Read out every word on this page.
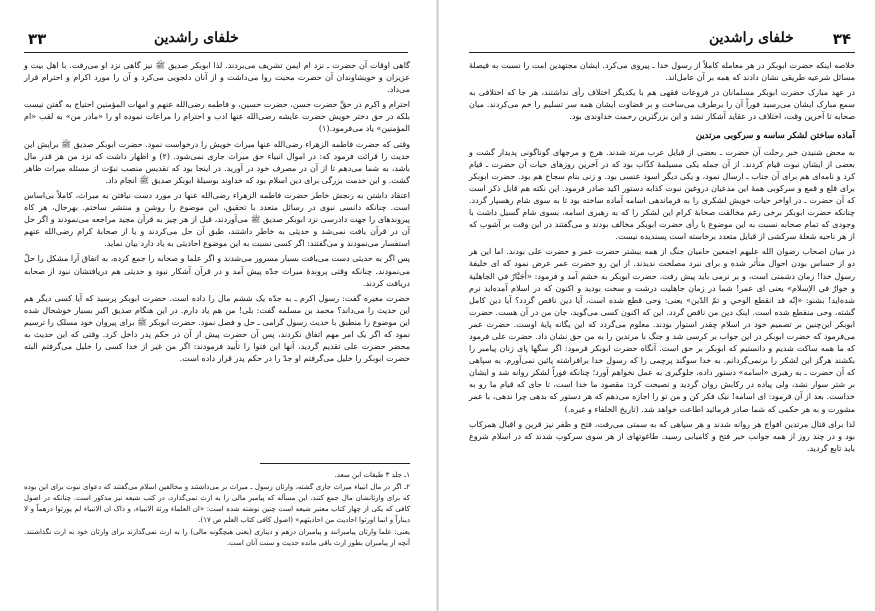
خلفای راشدین
۳۳

گاهی اوقات آن حضرت ـ نزد ام ایمن تشریف می‌بردند. لذا ابوبکر صدیق ﷺ نیز گاهی نزد او می‌رفت. با اهل بیت و عزیزان و خویشاوندان آن حضرت محبت روا می‌داشت و از آنان دلجویی می‌کرد و آن را مورد اکرام و احترام قرار می‌داد.

احترام و اکرم در حقِّ حضرت حسن، حضرت حسین، و فاطمه رضی‌الله عنهم و امهات المؤمنین احتیاج به گفتن نیست بلکه در حق دختر خویش حضرت عایشه رضی‌الله عنها ادب و احترام را مراعات نموده او را «مادر من» به لقب «ام المؤمنین» یاد می‌فرمود.(۱)

وقتی که حضرت فاطمه الزهراء رضی‌الله عنها میراث خویش را درخواست نمود. حضرت ابوبکر صدیق ﷺ برایش این حدیث را قرائت فرمود که: در اموال انبیاء حق میراث جاری نمی‌شود. (۲) و اظهار داشت که نزد من هر قدر مال باشد، به شما می‌دهم تا از آن در مصرف خود در آورید. در اینجا بود که تقدیس منصب نبوّت از مسئله میراث ظاهر گشت. و این خدمت بزرگی برای دین اسلام بود که خداوند بوسیلهٔ ابوبکر صدیق ﷺ انجام داد.

اعتقاد داشتن به رنجش خاطر حضرت فاطمه الزهراء رضی‌الله عنها در مورد دست نیافتن به میراث، کاملاً بی‌اساس است. چنانکه دانسی نبوی در رسائل متعدد با تحقیق، این موضوع را روشن و منتشر ساختم. بهرحال، هر کاه پیروندهای را جهت دادرسی نزد ابوبکر صدیق ﷺ می‌آوردند، قبل از هر چیز به قرآن مجید مراجعه می‌نمودند و اگر حل آن در قرآن یافت نمی‌شد و حدیثی به خاطر داشتند، طبق آن حل می‌کردند و یا از صحابهٔ کرام رضی‌الله عنهم استفسار می‌نمودند و می‌گفتند: اگر کسی نسبت به این موضوع احادیثی به یاد دارد بیان نماید.

پس اگر به حدیثی دست می‌یافت بسیار مسرور می‌شدند و اگر علما و صحابه را جمع کرده، به اتفاق آرا مشکل را حلّ می‌نمودند. چنانکه وقتی پروندهٔ میراث جدّه پیش آمد و در قرآن آشکار نبود و حدیثی هم دریافتشان نبود از صحابه دریافت کردند.

حضرت مغیره گفت: رسول اکرم ـ به جدّه یک ششم مال را داده است. حضرت ابوبکر پرسید که آیا کسی دیگر هم این حدیث را می‌داند؟ محمد بن مسلمه گفت: بلی! من هم یاد دارم. در این هنگام صدیق اکبر بسیار خوشحال شده این موضوع را منطبق با حدیث رسول گرامی ـ حل و فصل نمود. حضرت ابوبکر ﷺ برای پیروان خود مسلک را ترسیم نمود که اگر یک امر مهم اتفاق نکردند، پس آن حضرت پیش از آن در حکم پدر داخل کرد. وقتی که این حدیث به محضر حضرت علی تقدیم گردید، آنها این فتوا را تأیید فرمودند: اگر من غیر از خدا کسی را خلیل می‌گرفتم البته حضرت ابوبکر را خلیل می‌گرفتم او جدّ را در حکم پدر قرار داده است.

۱ـ جلد ۳ طبقات ابن سعد.

۲ـ اگر در مال انبیاء میراث جاری گشته، وارثان رسول ـ میراث بر می‌داشتند و مخالفین اسلام می‌گفتند که دعوای نبوت برای این بوده که برای وارثانشان مال جمع کنند. این مسأله که پیامبر مالی را به ارث نمی‌گذارد، در کتب شیعه نیز مذکور است. چنانکه در اصول کافی که یکی از چهار کتاب معتبر شیعه است چنین نوشته شده است: «ان العلماء ورثة الانبیاء، و ذاک ان الانبیاء لم یورثوا درهماً و لا دیناراً و انما اورثوا احادیث من احادیثهم» (اصول کافی کتاب العلم ص ۱۷).

یعنی: علما وارثان پیامبرانند و پیامبران درهم و دیناری (یعنی هیچگونه مالی) را به ارث نمی‌گذارند برای وارثان خود به ارث نگذاشتند. آنچه از پیامبران بطور ارث باقی مانده حدیث و سنت آنان است.

خلفای راشدین	۳۴

خلاصه اینکه حضرت ابوبکر در هر معامله کاملاً از رسول خدا ـ پیروی می‌کرد. ایشان مجتهدین امت را نسبت به فیصلهٔ مسائل شرعیه طریقی نشان دادند که همه بر آن عامل‌اند.

در عهد مبارک حضرت ابوبکر مسلمانان در فروعات فقهی هم با یکدیگر اختلاف رأی نداشتند، هر جا که اختلافی به سمع مبارک ایشان می‌رسید فوراً آن را برطرف می‌ساخت و بر قضاوت ایشان همه سر تسلیم را خم می‌کردند. میان صحابه تا آخرین وقت، اختلاف در عقاید آشکار نشد و این بزرگترین رحمت خداوندی بود.

آماده ساختن لشکر ساسه و سرکوبی مرتدین

به محض شنیدن خبر رحلت آن حضرت ـ بعضی از قبایل عرب مرتد شدند. هرج و مرجهای گوناگونی پدیدار گشت و بعضی از ایشان نبوت قیام کردند. از آن جمله یکی مسیلمهٔ کذّاب بود که در آخرین روزهای حیات آن حضرت ـ قیام کرد و نامه‌ای هم برای آن جناب ـ ارسال نمود، و یکی دیگر اسود عنسی بود. و زنی بنام سجاح هم بود. حضرت ابوبکر برای قلع و قمع و سرکوبی همهٔ این مدعیان دروغین نبوت کذابه دستور اکید صادر فرمود. این نکته هم قابل ذکر است که آن حضرت ـ در اواخر حیات خویش لشکری را به فرماندهی اسامه آماده ساخته بود تا به سوی شام رهسپار گردد. چنانکه حضرت ابوبکر برخی رغم مخالفت صحابهٔ کرام این لشکر را که به رهبری اسامه، بسوی شام گسیل داشت با وجودی که تمام صحابه نسبت به این موضوع با رأی حضرت ابوبکر مخالف بودند و می‌گفتند در این وقت بر آشوب که از هر ناحیه شعلهٔ سرکشی از قبایل متعدد برخاسته است پسندیده نیست.

در میان اصحاب رضوان الله علیهم اجمعین حامیان جنگ از همه بیشتر حضرت عمر و حضرت علی بودند. اما این هر دو از حساس بودن احوال متأثر شده و برای نبرد مصلحت ندیدند. از این رو حضرت عمر عرض نمود که ای خلیفهٔ رسول خدا! زمان دشمنی است، و بر نرمی باید پیش رفت. حضرت ابوبکر به خشم آمد و فرمود: «أَجَبَّارٌ في الجاهلية و خوارٌ في الإسلام» یعنی ای عمر! شما در زمان جاهلیت درشت و سخت بودید و اکنون که در اسلام آمده‌اید نرم شده‌اید! بشنو: «إنّه قد انقطع الوحي و تمّ الدّين» یعنی: وحی قطع شده است، آیا دین ناقص گردد؟ آیا دین کامل گشته، وحی منقطع شده است. اینک دین من ناقص گردد. این که اکنون کسی می‌گوید، جان من در آن هست. حضرت ابوبکر این‌چنین بر تصمیم خود در اسلام چقدر استوار بودند. معلوم می‌گردد که این یگانه پایهٔ اوست. حضرت عمر می‌فرمود که حضرت ابوبکر در این جواب بر کرسی شد و جنگ با مرتدین را به من حق نشان داد. حضرت علی فرمود که ما همه ساکت شدیم و دانستیم که ابوبکر بر حق است. آنگاه حضرت ابوبکر فرمود: اگر سگها پای زنان پیامبر را بکشند هرگز این لشکر را برنمی‌گردانم. به خدا سوگند پرچمی را که رسول خدا برافراشته پائین نمی‌آورم. به سپاهی که آن حضرت ـ به رهبری «اسامه» دستور داده، جلوگیری به عمل نخواهم آورد؛ چنانکه فوراً لشکر روانه شد و ایشان بر شتر سوار نشد، ولی پیاده در رکابش روان گردید و نصیحت کرد: مقصود ما خدا است، تا جای که قیام ما رو به خداست. بعد از آن فرمود: ای اسامه! نیک فکر کن و من تو را اجازه می‌دهم که هر دستور که بدهی چرا ندهی، با عمر مشورت و به هر حکمی که شما صادر فرمائید اطاعت خواهد شد. (تاریخ الخلفاء و غیره.)

لذا برای قتال مرتدین افواج هر روانه شدند و هر سپاهی که به سمتی می‌رفت، فتح و ظفر نیز قرین و اقبال همرکاب بود و در چند روز از همه جوانب خبر فتح و کامیابی رسید. طاغوتهای از هر سوی سرکوب شدند که در اسلام شروع باید تابع گرديد.
